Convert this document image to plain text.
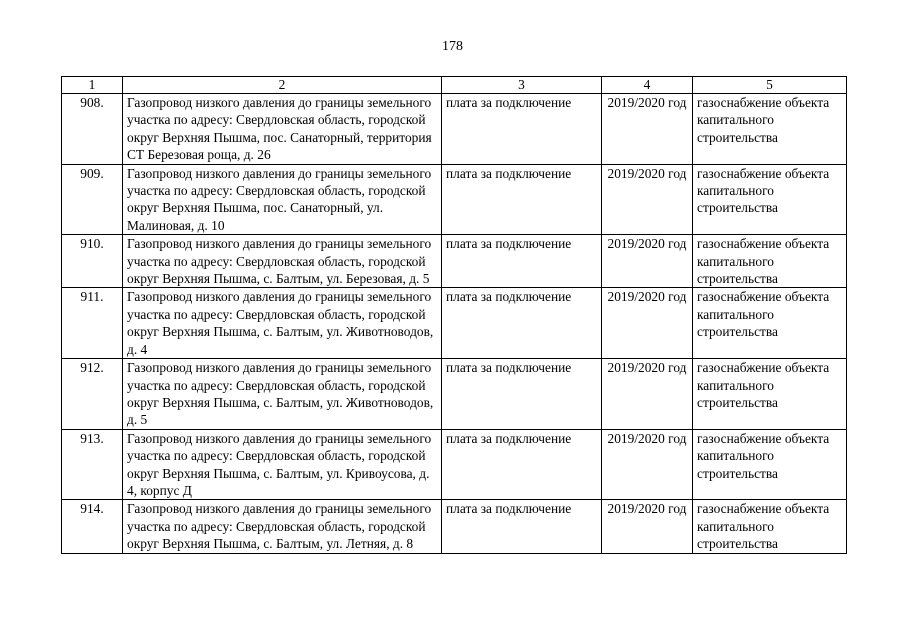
178
1	2	3	4	5
908.	Газопровод низкого давления до границы земельного участка по адресу: Свердловская область, городской округ Верхняя Пышма, пос. Санаторный, территория СТ Березовая роща, д. 26	плата за подключение	2019/2020 год	газоснабжение объекта капитального строительства
909.	Газопровод низкого давления до границы земельного участка по адресу: Свердловская область, городской округ Верхняя Пышма, пос. Санаторный, ул. Малиновая, д. 10	плата за подключение	2019/2020 год	газоснабжение объекта капитального строительства
910.	Газопровод низкого давления до границы земельного участка по адресу: Свердловская область, городской округ Верхняя Пышма, с. Балтым, ул. Березовая, д. 5	плата за подключение	2019/2020 год	газоснабжение объекта капитального строительства
911.	Газопровод низкого давления до границы земельного участка по адресу: Свердловская область, городской округ Верхняя Пышма, с. Балтым, ул. Животноводов, д. 4	плата за подключение	2019/2020 год	газоснабжение объекта капитального строительства
912.	Газопровод низкого давления до границы земельного участка по адресу: Свердловская область, городской округ Верхняя Пышма, с. Балтым, ул. Животноводов, д. 5	плата за подключение	2019/2020 год	газоснабжение объекта капитального строительства
913.	Газопровод низкого давления до границы земельного участка по адресу: Свердловская область, городской округ Верхняя Пышма, с. Балтым, ул. Кривоусова, д. 4, корпус Д	плата за подключение	2019/2020 год	газоснабжение объекта капитального строительства
914.	Газопровод низкого давления до границы земельного участка по адресу: Свердловская область, городской округ Верхняя Пышма, с. Балтым, ул. Летняя, д. 8	плата за подключение	2019/2020 год	газоснабжение объекта капитального строительства
